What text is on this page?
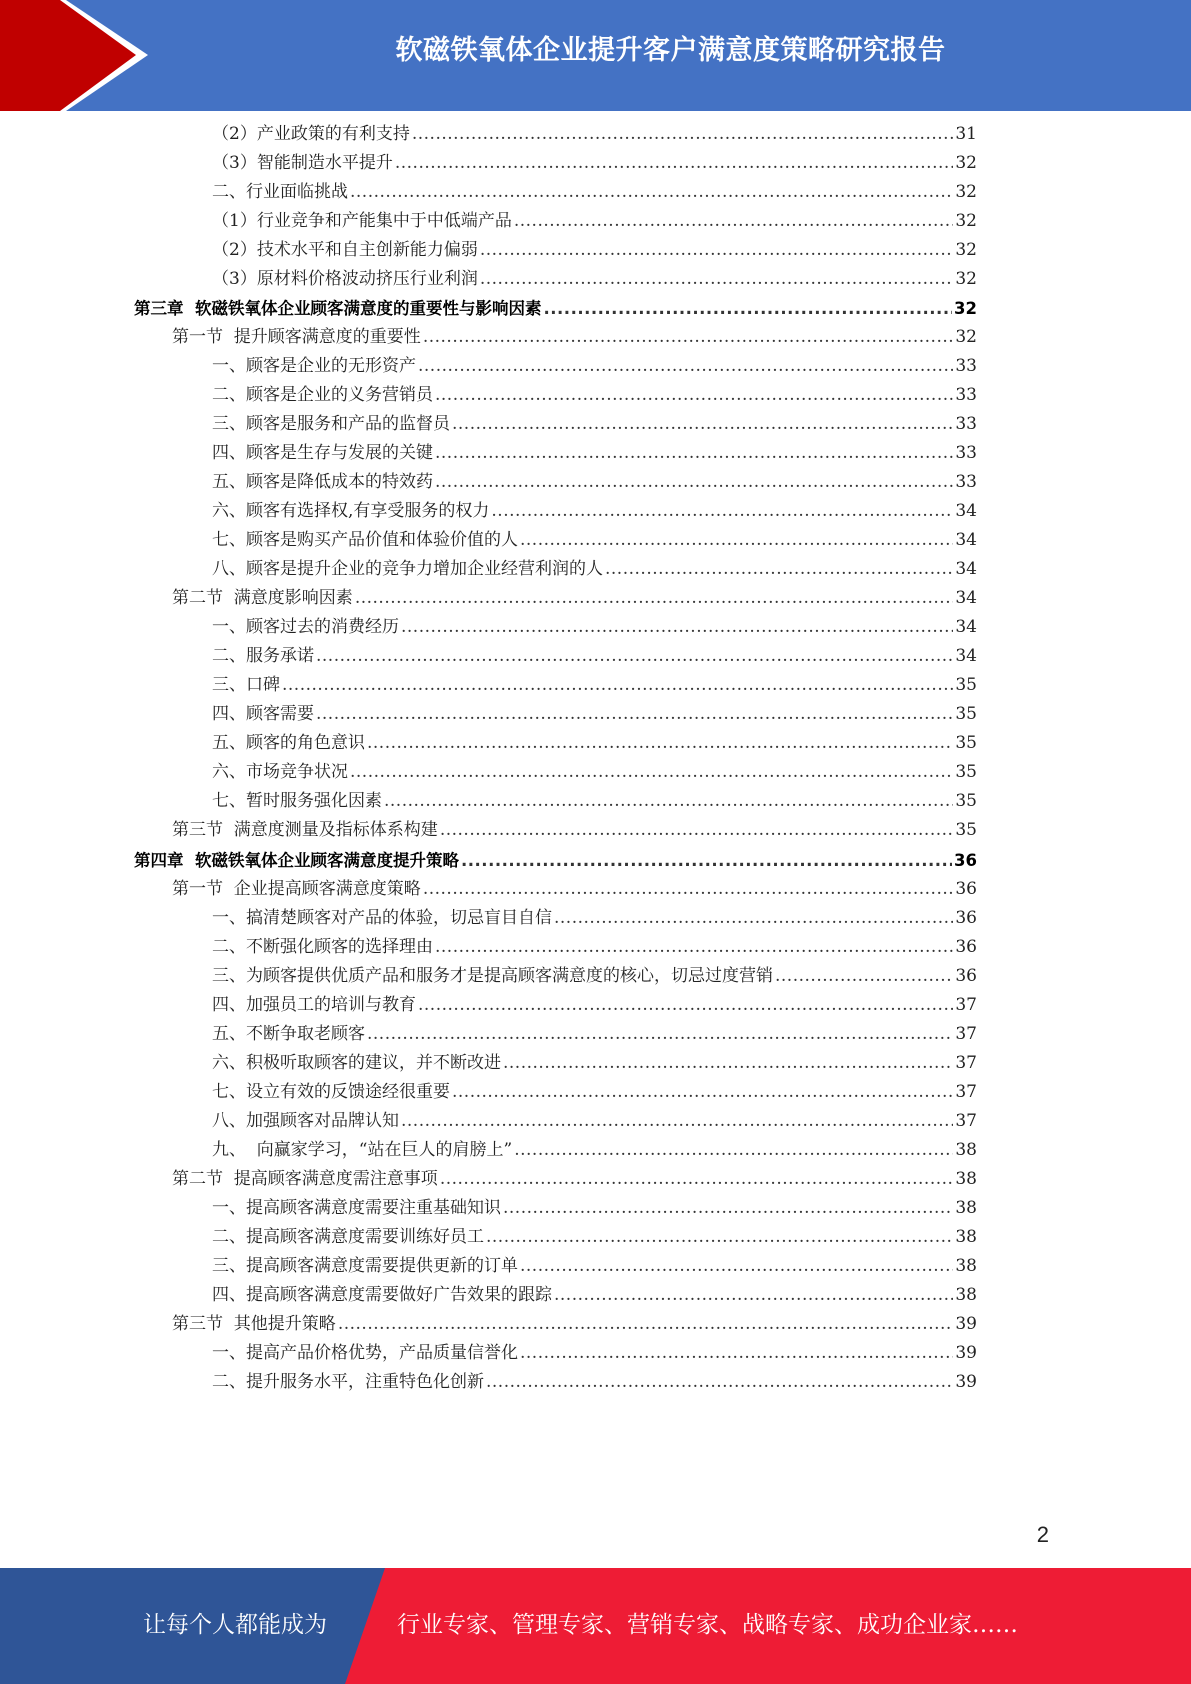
软磁铁氧体企业提升客户满意度策略研究报告
（2）产业政策的有利支持 .....	31
（3）智能制造水平提升 .....	32
二、行业面临挑战 .....	32
（1）行业竞争和产能集中于中低端产品 .....	32
（2）技术水平和自主创新能力偏弱 .....	32
（3）原材料价格波动挤压行业利润 .....	32
第三章  软磁铁氧体企业顾客满意度的重要性与影响因素 .....	32
第一节  提升顾客满意度的重要性 .....	32
一、顾客是企业的无形资产 .....	33
二、顾客是企业的义务营销员 .....	33
三、顾客是服务和产品的监督员 .....	33
四、顾客是生存与发展的关键 .....	33
五、顾客是降低成本的特效药 .....	33
六、顾客有选择权,有享受服务的权力 .....	34
七、顾客是购买产品价值和体验价值的人 .....	34
八、顾客是提升企业的竞争力增加企业经营利润的人 .....	34
第二节  满意度影响因素 .....	34
一、顾客过去的消费经历 .....	34
二、服务承诺 .....	34
三、口碑 .....	35
四、顾客需要 .....	35
五、顾客的角色意识 .....	35
六、市场竞争状况 .....	35
七、暂时服务强化因素 .....	35
第三节  满意度测量及指标体系构建 .....	35
第四章  软磁铁氧体企业顾客满意度提升策略 .....	36
第一节  企业提高顾客满意度策略 .....	36
一、搞清楚顾客对产品的体验，切忌盲目自信 .....	36
二、不断强化顾客的选择理由 .....	36
三、为顾客提供优质产品和服务才是提高顾客满意度的核心，切忌过度营销 .....	36
四、加强员工的培训与教育 .....	37
五、不断争取老顾客 .....	37
六、积极听取顾客的建议，并不断改进 .....	37
七、设立有效的反馈途经很重要 .....	37
八、加强顾客对品牌认知 .....	37
九、  向赢家学习，“站在巨人的肩膀上” .....	38
第二节  提高顾客满意度需注意事项 .....	38
一、提高顾客满意度需要注重基础知识 .....	38
二、提高顾客满意度需要训练好员工 .....	38
三、提高顾客满意度需要提供更新的订单 .....	38
四、提高顾客满意度需要做好广告效果的跟踪 .....	38
第三节  其他提升策略 .....	39
一、提高产品价格优势，产品质量信誉化 .....	39
二、提升服务水平，注重特色化创新 .....	39
2
让每个人都能成为	行业专家、管理专家、营销专家、战略专家、成功企业家……
